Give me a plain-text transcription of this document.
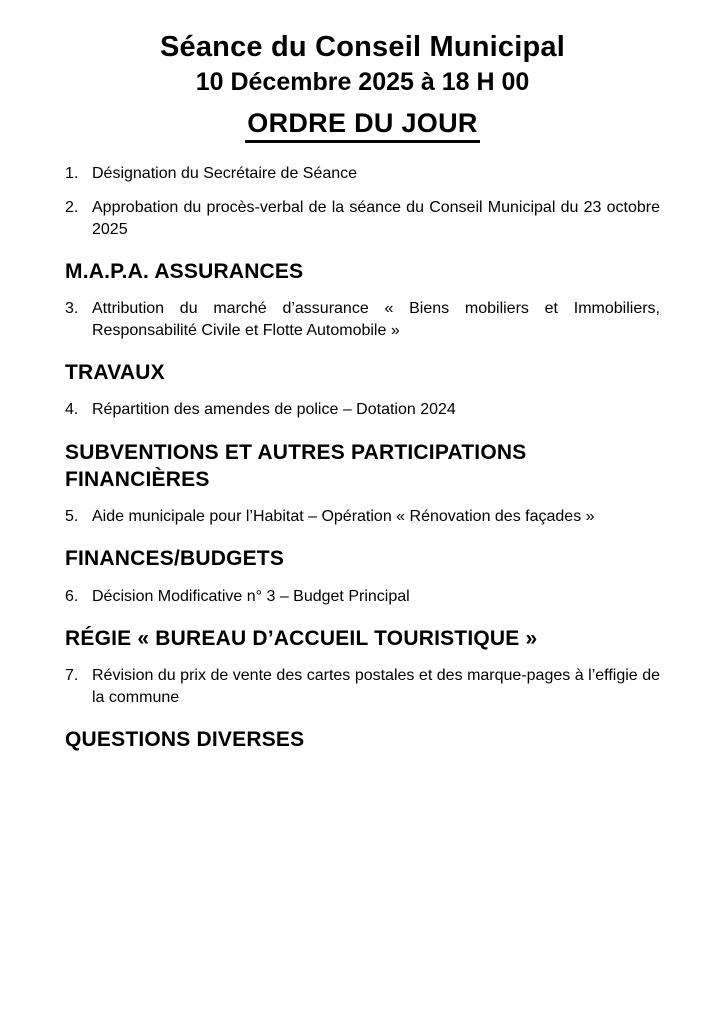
Séance du Conseil Municipal
10 Décembre 2025 à 18 H 00
ORDRE DU JOUR
1. Désignation du Secrétaire de Séance
2. Approbation du procès-verbal de la séance du Conseil Municipal du 23 octobre 2025
M.A.P.A. ASSURANCES
3. Attribution du marché d’assurance « Biens mobiliers et Immobiliers, Responsabilité Civile et Flotte Automobile »
TRAVAUX
4. Répartition des amendes de police – Dotation 2024
SUBVENTIONS ET AUTRES PARTICIPATIONS FINANCIÈRES
5. Aide municipale pour l’Habitat – Opération « Rénovation des façades »
FINANCES/BUDGETS
6. Décision Modificative n° 3 – Budget Principal
RÉGIE « BUREAU D’ACCUEIL TOURISTIQUE »
7. Révision du prix de vente des cartes postales et des marque-pages à l’effigie de la commune
QUESTIONS DIVERSES
